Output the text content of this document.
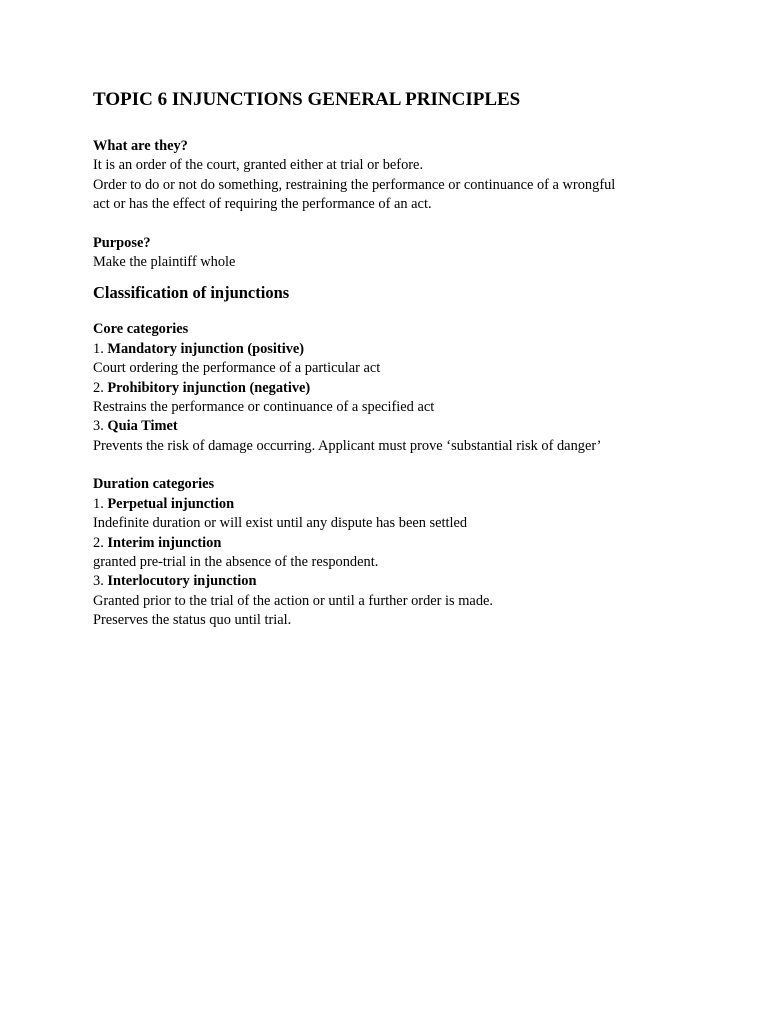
TOPIC 6 INJUNCTIONS GENERAL PRINCIPLES
What are they?
It is an order of the court, granted either at trial or before.
Order to do or not do something, restraining the performance or continuance of a wrongful
act or has the effect of requiring the performance of an act.
Purpose?
Make the plaintiff whole
Classification of injunctions
Core categories
1. Mandatory injunction (positive)
Court ordering the performance of a particular act
2. Prohibitory injunction (negative)
Restrains the performance or continuance of a specified act
3. Quia Timet
Prevents the risk of damage occurring. Applicant must prove ‘substantial risk of danger’
Duration categories
1. Perpetual injunction
Indefinite duration or will exist until any dispute has been settled
2. Interim injunction
granted pre-trial in the absence of the respondent.
3. Interlocutory injunction
Granted prior to the trial of the action or until a further order is made.
Preserves the status quo until trial.
